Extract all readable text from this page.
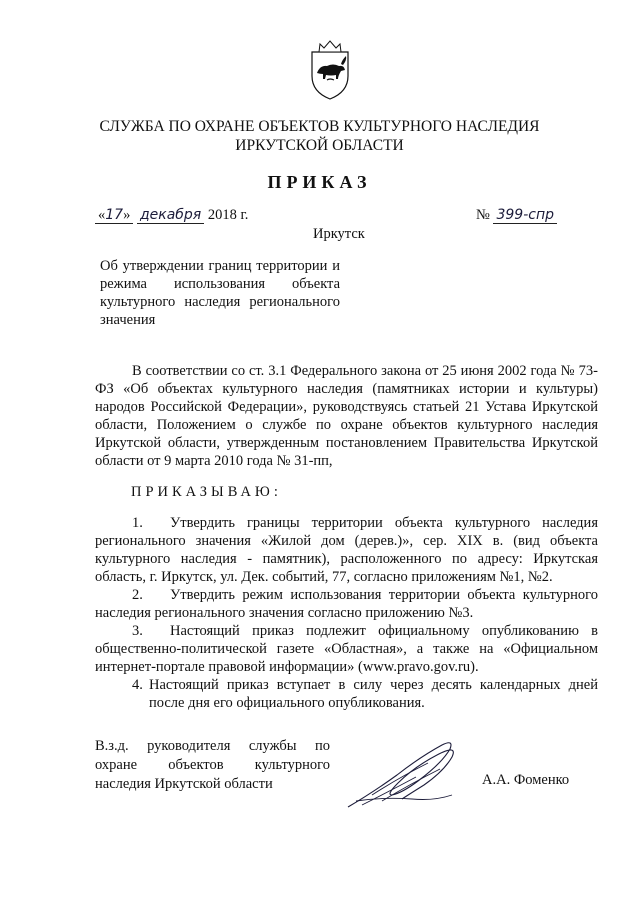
СЛУЖБА ПО ОХРАНЕ ОБЪЕКТОВ КУЛЬТУРНОГО НАСЛЕДИЯ
ИРКУТСКОЙ ОБЛАСТИ
ПРИКАЗ
«17» декабря 2018 г.	№ 399-спр
Иркутск
Об утверждении границ территории и режима использования объекта культурного наследия регионального значения

В соответствии со ст. 3.1 Федерального закона от 25 июня 2002 года № 73-ФЗ «Об объектах культурного наследия (памятниках истории и культуры) народов Российской Федерации», руководствуясь статьей 21 Устава Иркутской области, Положением о службе по охране объектов культурного наследия Иркутской области, утвержденным постановлением Правительства Иркутской области от 9 марта 2010 года № 31-пп,

ПРИКАЗЫВАЮ:

1. Утвердить границы территории объекта культурного наследия регионального значения «Жилой дом (дерев.)», сер. XIX в. (вид объекта культурного наследия - памятник), расположенного по адресу: Иркутская область, г. Иркутск, ул. Дек. событий, 77, согласно приложениям №1, №2.

2. Утвердить режим использования территории объекта культурного наследия регионального значения согласно приложению №3.

3. Настоящий приказ подлежит официальному опубликованию в общественно-политической газете «Областная», а также на «Официальном интернет-портале правовой информации» (www.pravo.gov.ru).

4. Настоящий приказ вступает в силу через десять календарных дней после дня его официального опубликования.

В.з.д. руководителя службы по охране объектов культурного наследия Иркутской области	А.А. Фоменко
